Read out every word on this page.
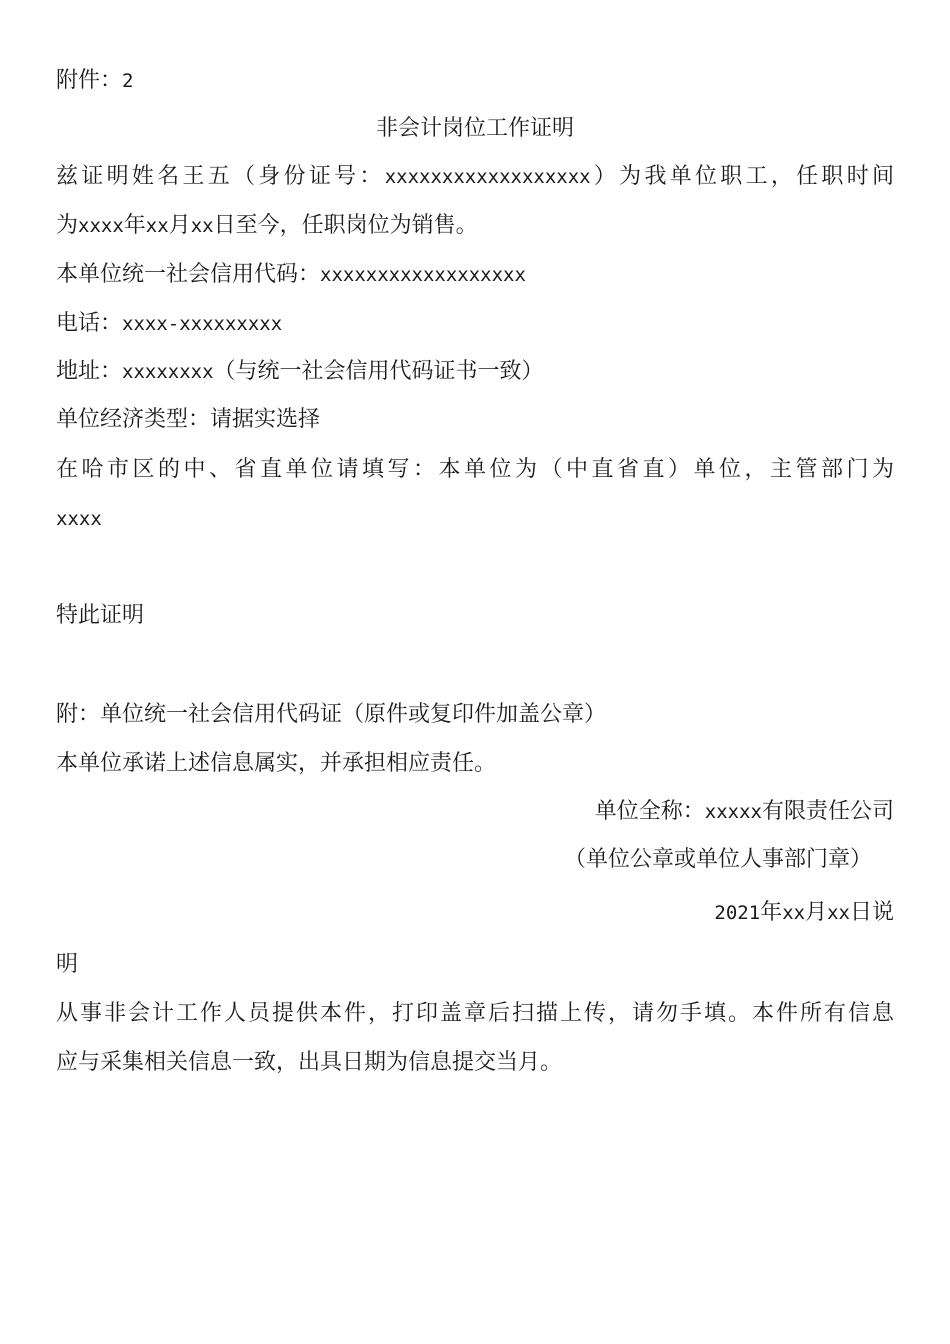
附件：2
非会计岗位工作证明
兹证明姓名王五（身份证号：xxxxxxxxxxxxxxxxxx）为我单位职工，任职时间
为xxxx年xx月xx日至今，任职岗位为销售。
本单位统一社会信用代码：xxxxxxxxxxxxxxxxxx
电话：xxxx-xxxxxxxxx
地址：xxxxxxxx（与统一社会信用代码证书一致）
单位经济类型：请据实选择
在哈市区的中、省直单位请填写：本单位为（中直省直）单位，主管部门为
xxxx
特此证明
附：单位统一社会信用代码证（原件或复印件加盖公章）
本单位承诺上述信息属实，并承担相应责任。
单位全称：xxxxx有限责任公司
（单位公章或单位人事部门章）
2021年xx月xx日说
明
从事非会计工作人员提供本件，打印盖章后扫描上传，请勿手填。本件所有信息
应与采集相关信息一致，出具日期为信息提交当月。
